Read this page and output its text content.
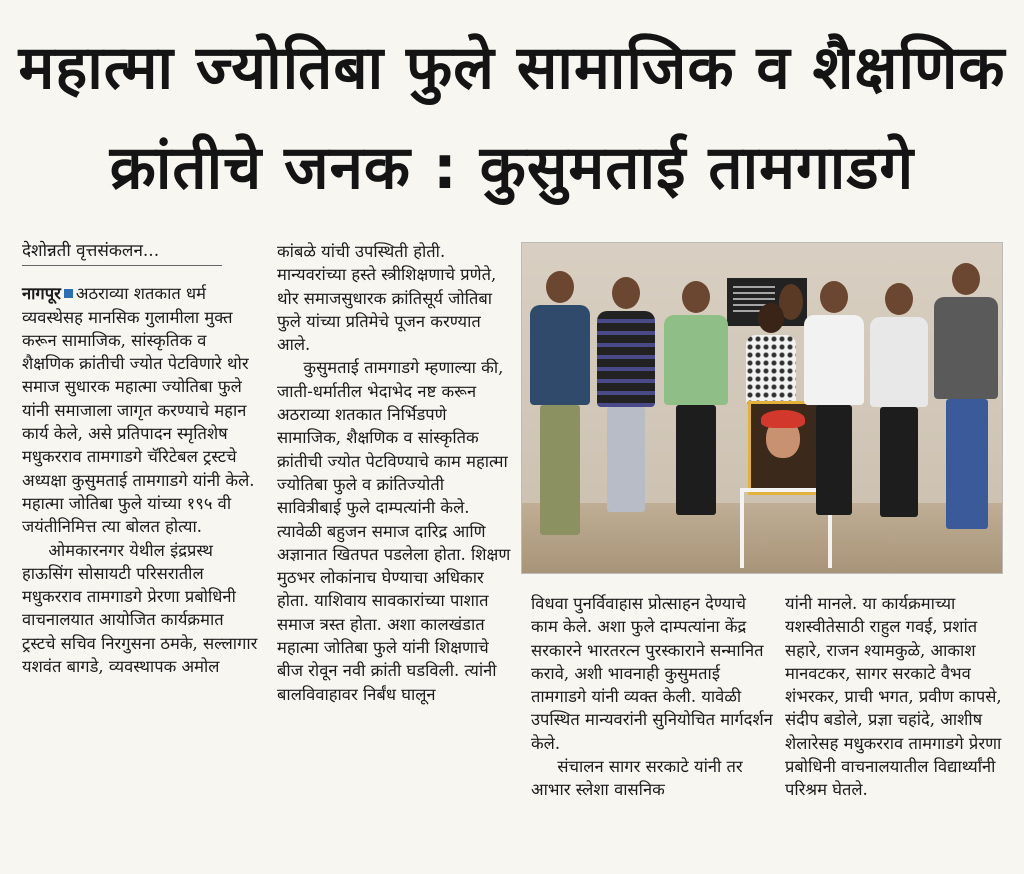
महात्मा ज्योतिबा फुले सामाजिक व शैक्षणिक
क्रांतीचे जनक : कुसुमताई तामगाडगे
देशोन्नती वृत्तसंकलन...

नागपूर अठराव्या शतकात धर्म व्यवस्थेसह मानसिक गुलामीला मुक्त करून सामाजिक, सांस्कृतिक व शैक्षणिक क्रांतीची ज्योत पेटविणारे थोर समाज सुधारक महात्मा ज्योतिबा फुले यांनी समाजाला जागृत करण्याचे महान कार्य केले, असे प्रतिपादन स्मृतिशेष मधुकरराव तामगाडगे चॅरिटेबल ट्रस्टचे अध्यक्षा कुसुमताई तामगाडगे यांनी केले. महात्मा जोतिबा फुले यांच्या १९५ वी जयंतीनिमित्त त्या बोलत होत्या.

ओमकारनगर येथील इंद्रप्रस्थ हाऊसिंग सोसायटी परिसरातील मधुकरराव तामगाडगे प्रेरणा प्रबोधिनी वाचनालयात आयोजित कार्यक्रमात ट्रस्टचे सचिव निरगुसना ठमके, सल्लागार यशवंत बागडे, व्यवस्थापक अमोल

कांबळे यांची उपस्थिती होती. मान्यवरांच्या हस्ते स्त्रीशिक्षणाचे प्रणेते, थोर समाजसुधारक क्रांतिसूर्य जोतिबा फुले यांच्या प्रतिमेचे पूजन करण्यात आले.

कुसुमताई तामगाडगे म्हणाल्या की, जाती-धर्मातील भेदाभेद नष्ट करून अठराव्या शतकात निर्भिडपणे सामाजिक, शैक्षणिक व सांस्कृतिक क्रांतीची ज्योत पेटविण्याचे काम महात्मा ज्योतिबा फुले व क्रांतिज्योती सावित्रीबाई फुले दाम्पत्यांनी केले. त्यावेळी बहुजन समाज दारिद्र आणि अज्ञानात खितपत पडलेला होता. शिक्षण मुठभर लोकांनाच घेण्याचा अधिकार होता. याशिवाय सावकारांच्या पाशात समाज त्रस्त होता. अशा कालखंडात महात्मा जोतिबा फुले यांनी शिक्षणाचे बीज रोवून नवी क्रांती घडविली. त्यांनी बालविवाहावर निर्बंध घालून

विधवा पुनर्विवाहास प्रोत्साहन देण्याचे काम केले. अशा फुले दाम्पत्यांना केंद्र सरकारने भारतरत्न पुरस्काराने सन्मानित करावे, अशी भावनाही कुसुमताई तामगाडगे यांनी व्यक्त केली. यावेळी उपस्थित मान्यवरांनी सुनियोचित मार्गदर्शन केले.

संचालन सागर सरकाटे यांनी तर आभार स्लेशा वासनिक

यांनी मानले. या कार्यक्रमाच्या यशस्वीतेसाठी राहुल गवई, प्रशांत सहारे, राजन श्यामकुळे, आकाश मानवटकर, सागर सरकाटे वैभव शंभरकर, प्राची भगत, प्रवीण कापसे, संदीप बडोले, प्रज्ञा चहांदे, आशीष शेलारेसह मधुकरराव तामगाडगे प्रेरणा प्रबोधिनी वाचनालयातील विद्यार्थ्यांनी परिश्रम घेतले.
